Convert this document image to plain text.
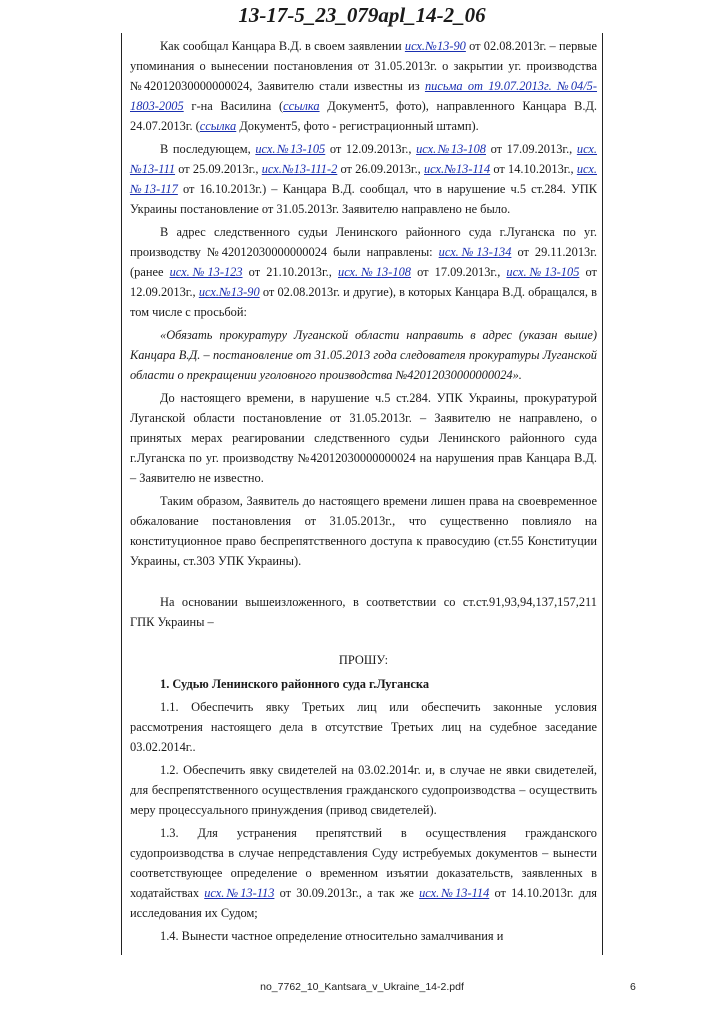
13-17-5_23_079apl_14-2_06

Как сообщал Канцара В.Д. в своем заявлении исх.№13-90 от 02.08.2013г. – первые упоминания о вынесении постановления от 31.05.2013г. о закрытии уг. производства №42012030000000024, Заявителю стали известны из письма от 19.07.2013г. №04/5-1803-2005 г-на Василина (ссылка Документ5, фото), направленного Канцара В.Д. 24.07.2013г. (ссылка Документ5, фото - регистрационный штамп).

В последующем, исх.№13-105 от 12.09.2013г., исх.№13-108 от 17.09.2013г., исх.№13-111 от 25.09.2013г., исх.№13-111-2 от 26.09.2013г., исх.№13-114 от 14.10.2013г., исх.№13-117 от 16.10.2013г.) – Канцара В.Д. сообщал, что в нарушение ч.5 ст.284. УПК Украины постановление от 31.05.2013г. Заявителю направлено не было.

В адрес следственного судьи Ленинского районного суда г.Луганска по уг. производству №42012030000000024 были направлены: исх.№13-134 от 29.11.2013г. (ранее исх.№13-123 от 21.10.2013г., исх.№13-108 от 17.09.2013г., исх.№13-105 от 12.09.2013г., исх.№13-90 от 02.08.2013г. и другие), в которых Канцара В.Д. обращался, в том числе с просьбой:

«Обязать прокуратуру Луганской области направить в адрес (указан выше) Канцара В.Д. – постановление от 31.05.2013 года следователя прокуратуры Луганской области о прекращении уголовного производства №42012030000000024».

До настоящего времени, в нарушение ч.5 ст.284. УПК Украины, прокуратурой Луганской области постановление от 31.05.2013г. – Заявителю не направлено, о принятых мерах реагировании следственного судьи Ленинского районного суда г.Луганска по уг. производству №42012030000000024 на нарушения прав Канцара В.Д. – Заявителю не известно.

Таким образом, Заявитель до настоящего времени лишен права на своевременное обжалование постановления от 31.05.2013г., что существенно повлияло на конституционное право беспрепятственного доступа к правосудию (ст.55 Конституции Украины, ст.303 УПК Украины).

На основании вышеизложенного, в соответствии со ст.ст.91,93,94,137,157,211 ГПК Украины –

ПРОШУ:

1. Судью Ленинского районного суда г.Луганска

1.1. Обеспечить явку Третьих лиц или обеспечить законные условия рассмотрения настоящего дела в отсутствие Третьих лиц на судебное заседание 03.02.2014г..

1.2. Обеспечить явку свидетелей на 03.02.2014г. и, в случае не явки свидетелей, для беспрепятственного осуществления гражданского судопроизводства – осуществить меру процессуального принуждения (привод свидетелей).

1.3. Для устранения препятствий в осуществления гражданского судопроизводства в случае непредставления Суду истребуемых документов – вынести соответствующее определение о временном изъятии доказательств, заявленных в ходатайствах исх.№13-113 от 30.09.2013г., а так же исх.№13-114 от 14.10.2013г. для исследования их Судом;

1.4. Вынести частное определение относительно замалчивания и

no_7762_10_Kantsara_v_Ukraine_14-2.pdf	6
